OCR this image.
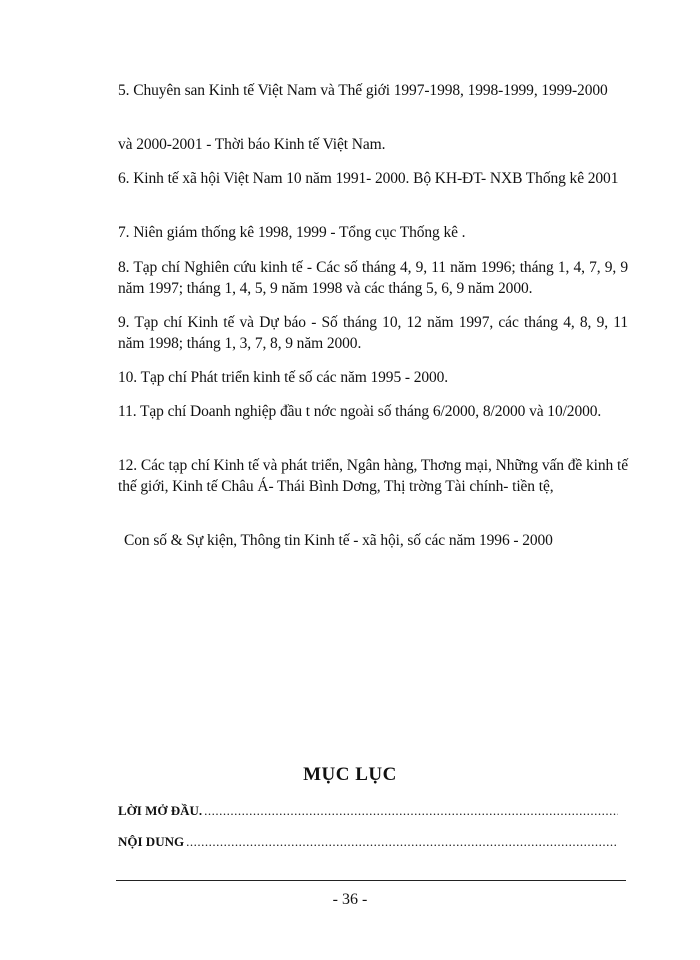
5. Chuyên san Kinh tế Việt Nam và Thế giới 1997-1998, 1998-1999, 1999-2000

và 2000-2001 - Thời báo Kinh tế Việt Nam.

6. Kinh tế xã hội Việt Nam 10 năm 1991- 2000. Bộ KH-ĐT- NXB Thống kê 2001

7. Niên giám thống kê 1998, 1999 - Tổng cục Thống kê .

8. Tạp chí Nghiên cứu kinh tế - Các số tháng 4, 9, 11 năm 1996; tháng 1, 4, 7, 9, 9 năm 1997; tháng 1, 4, 5, 9 năm 1998 và các tháng 5, 6, 9 năm 2000.

9. Tạp chí Kinh tế và Dự báo - Số tháng 10, 12 năm 1997, các tháng 4, 8, 9, 11 năm 1998; tháng 1, 3, 7, 8, 9 năm 2000.

10. Tạp chí Phát triển kinh tế số các năm 1995 - 2000.

11. Tạp chí Doanh nghiệp đầu t nớc ngoài số tháng 6/2000, 8/2000 và 10/2000.

12. Các tạp chí Kinh tế và phát triển, Ngân hàng, Thơng mại, Những vấn đề kinh tế thế giới, Kinh tế Châu Á- Thái Bình Dơng, Thị trờng Tài chính- tiền tệ,

Con số & Sự kiện, Thông tin Kinh tế - xã hội, số các năm 1996 - 2000

MỤC LỤC
LỜI MỞ ĐẦU.
.....
NỘI DUNG
.....
- 36 -
